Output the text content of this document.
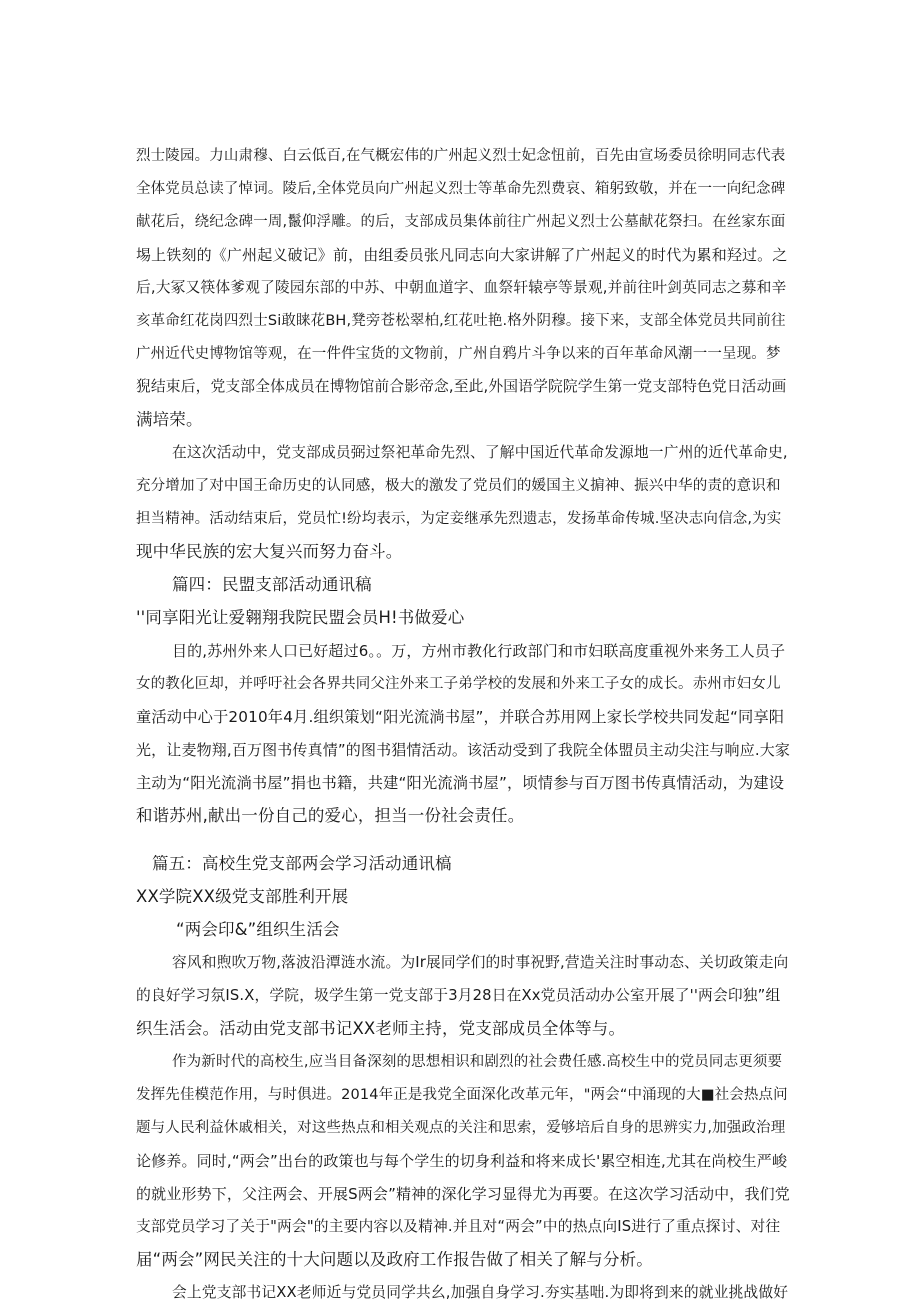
烈士陵园。力山肃穆、白云低百,在气概宏伟的广州起义烈士妃念忸前，百先由宣场委员徐明同志代表
全体党员总读了悼词。陵后,全体党员向广州起义烈士等革命先烈费哀、箱躬致敬，并在一一向纪念碑
献花后，绕纪念碑一周,鬣仰浮雕。的后，支部成员集体前往广州起义烈士公墓献花祭扫。在丝家东面
埸上铁刻的《广州起义破记》前，由组委员张凡同志向大家讲解了广州起义的时代为累和羟过。之
后,大冢又筷体爹观了陵园东部的中苏、中朝血道字、血祭轩辕亭等景观,并前往叶剑英同志之募和辛
亥革命红花岗四烈士Si敢睐花BH,凳旁苍松翠柏,红花吐艳.格外阴穆。接下来，支部全体党员共同前往
广州近代史博物馆等观，在一件件宝货的文物前，广州自鸦片斗争以来的百年革命风潮一一呈现。梦
猊结束后，党支部全体成员在博物馆前合影帝念,至此,外国语学院院学生第一党支部特色党日活动画
满培荣。
在这次活动中，党支部成员弼过祭祀革命先烈、了解中国近代革命发源地一广州的近代革命史,
充分增加了对中国王命历史的认同感，极大的激发了党员们的媛国主义掮神、振兴中华的责的意识和
担当精神。活动结束后，党员忙!纷均表示，为定妾继承先烈遗志，发扬革命传城.坚决志向信念,为实
现中华民族的宏大复兴而努力奋斗。
篇四：民盟支部活动通讯稿
''同享阳光让爱翱翔我院民盟会员H!书做爱心
目的,苏州外来人口已好超过6。。万，方州市教化行政部门和市妇联高度重视外来务工人员子
女的教化叵却，并呼吁社会各界共同父注外来工子弟学校的发展和外来工子女的成长。赤州市妇女儿
童活动中心于2010年4月.组织策划“阳光流淌书屋”，并联合苏用网上家长学校共同发起“同享阳
光，让麦物翔,百万图书传真情”的图书猖情活动。该活动受到了我院全体盟员主动尖注与响应.大家
主动为“阳光流淌书屋”捐也书籍，共建“阳光流淌书屋”，顷情参与百万图书传真情活动，为建设
和谐苏州,献出一份自己的爱心，担当一份社会责任。
篇五：高校生党支部两会学习活动通讯槁
XX学院XX级党支部胜利开展
“两会印&”组织生活会
容风和煦吹万物,落波沿潭涟水流。为Ir展同学们的时事祝野,营造关注时事动态、关切政策走向
的良好学习氛IS.X，学院，圾学生第一党支部于3月28日在Xx党员活动办公室开展了''两会印独”组
织生活会。活动由党支部书记XX老师主持，党支部成员全体等与。
作为新时代的高校生,应当目备深刻的思想相识和剧烈的社会费任感.高校生中的党员同志更须要
发挥先佳模范作用，与时俱进。2014年正是我党全面深化改革元年，"两会“中涌现的大■社会热点问
题与人民利益休戚相关，对这些热点和相关观点的关注和思索，爱够培后自身的思辨实力,加强政治理
论修养。同时,“两会”出台的政策也与每个学生的切身利益和将来成长'累空相连,尤其在尚校生严峻
的就业形势下，父注两会、开展S两会”精神的深化学习显得尤为再要。在这次学习活动中，我们党
支部党员学习了关于"两会"的主要内容以及精神.并且对“两会”中的热点向IS进行了重点探讨、对往
届“两会”网民关注的十大问题以及政府工作报告做了相关了解与分析。
会上党支部书记XX老师近与党员同学共幺,加强自身学习.夯实基咄.为即将到来的就业挑战做好
